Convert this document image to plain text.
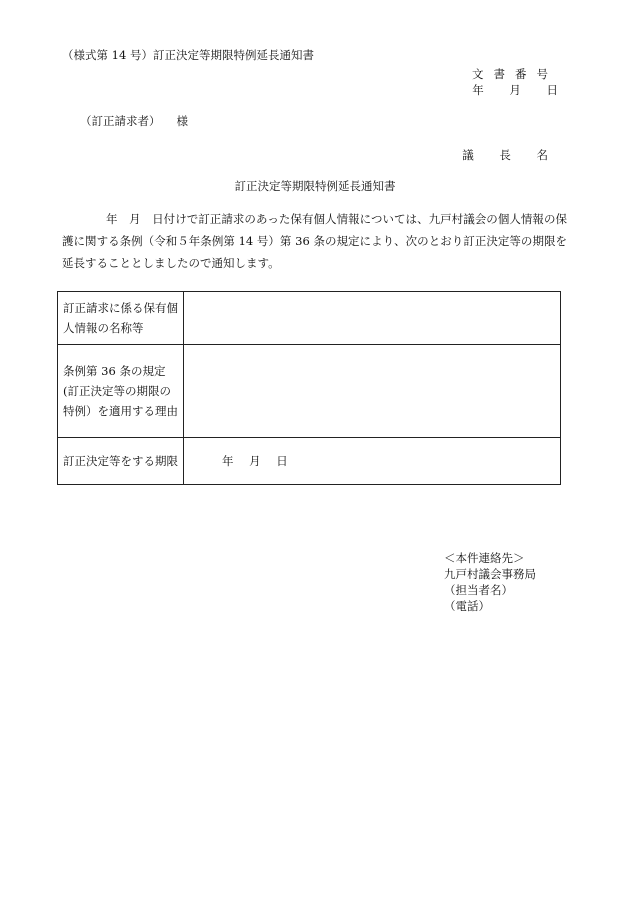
（様式第 14 号）訂正決定等期限特例延長通知書
文書番号
年 月 日
（訂正請求者） 様
議 長 名
訂正決定等期限特例延長通知書
年　月　日付けで訂正請求のあった保有個人情報については、九戸村議会の個人情報の保護に関する条例（令和５年条例第 14 号）第 36 条の規定により、次のとおり訂正決定等の期限を延長することとしましたので通知します。
訂正請求に係る保有個人情報の名称等	
条例第 36 条の規定(訂正決定等の期限の特例）を適用する理由	
訂正決定等をする期限	年 月 日
＜本件連絡先＞
九戸村議会事務局
（担当者名）
（電話）
